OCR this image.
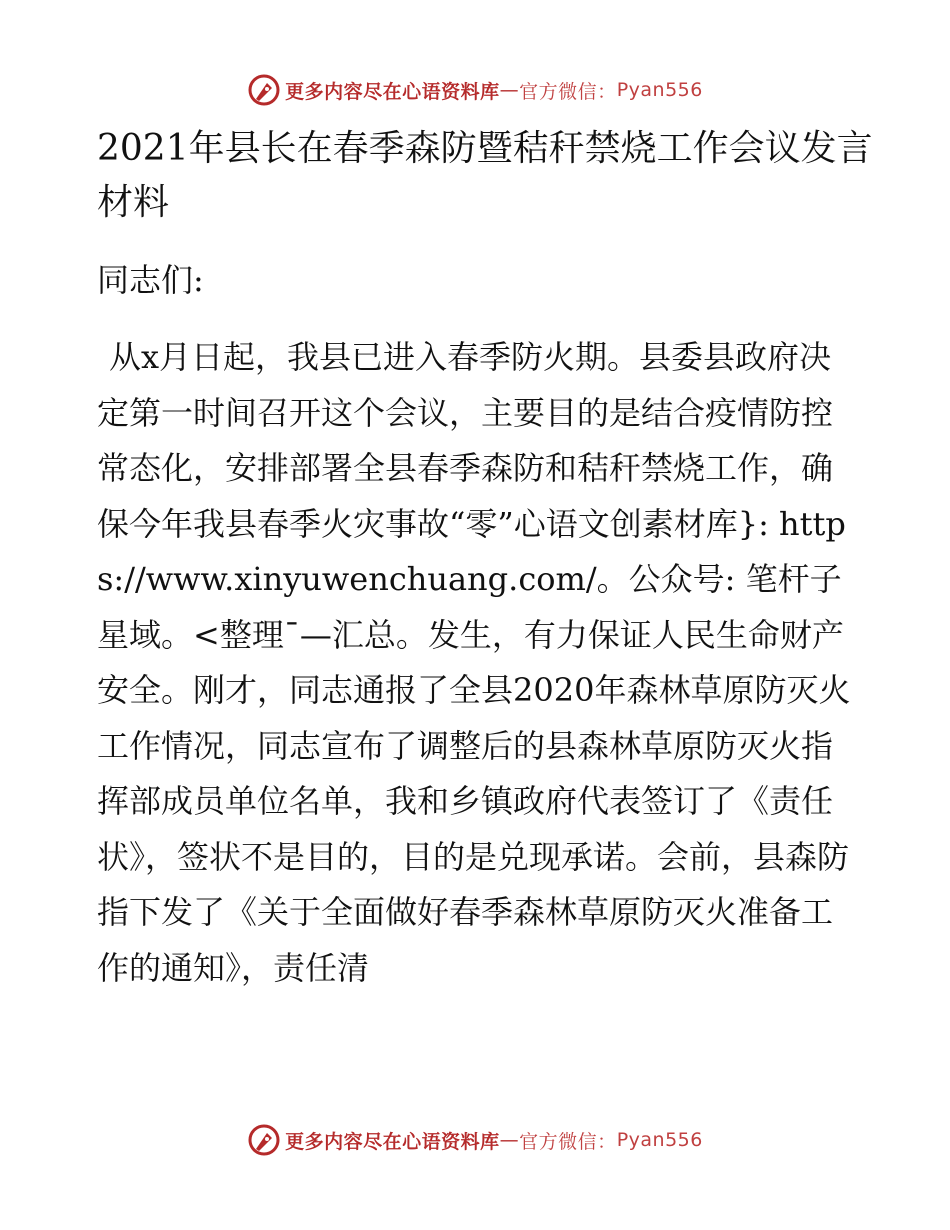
更多内容尽在心语资料库 — 官方微信： Pyan556
2021年县长在春季森防暨秸秆禁烧工作会议发言材料
同志们:

从x月日起，我县已进入春季防火期。县委县政府决定第一时间召开这个会议，主要目的是结合疫情防控常态化，安排部署全县春季森防和秸秆禁烧工作，确保今年我县春季火灾事故“零”心语文创素材库}: https://www.xinyuwenchuang.com/。公众号: 笔杆子星域。<整理¯—汇总。发生，有力保证人民生命财产安全。刚才，同志通报了全县2020年森林草原防灭火工作情况，同志宣布了调整后的县森林草原防灭火指挥部成员单位名单，我和乡镇政府代表签订了《责任状》，签状不是目的，目的是兑现承诺。会前，县森防指下发了《关于全面做好春季森林草原防灭火准备工作的通知》，责任清

更多内容尽在心语资料库 — 官方微信： Pyan556
